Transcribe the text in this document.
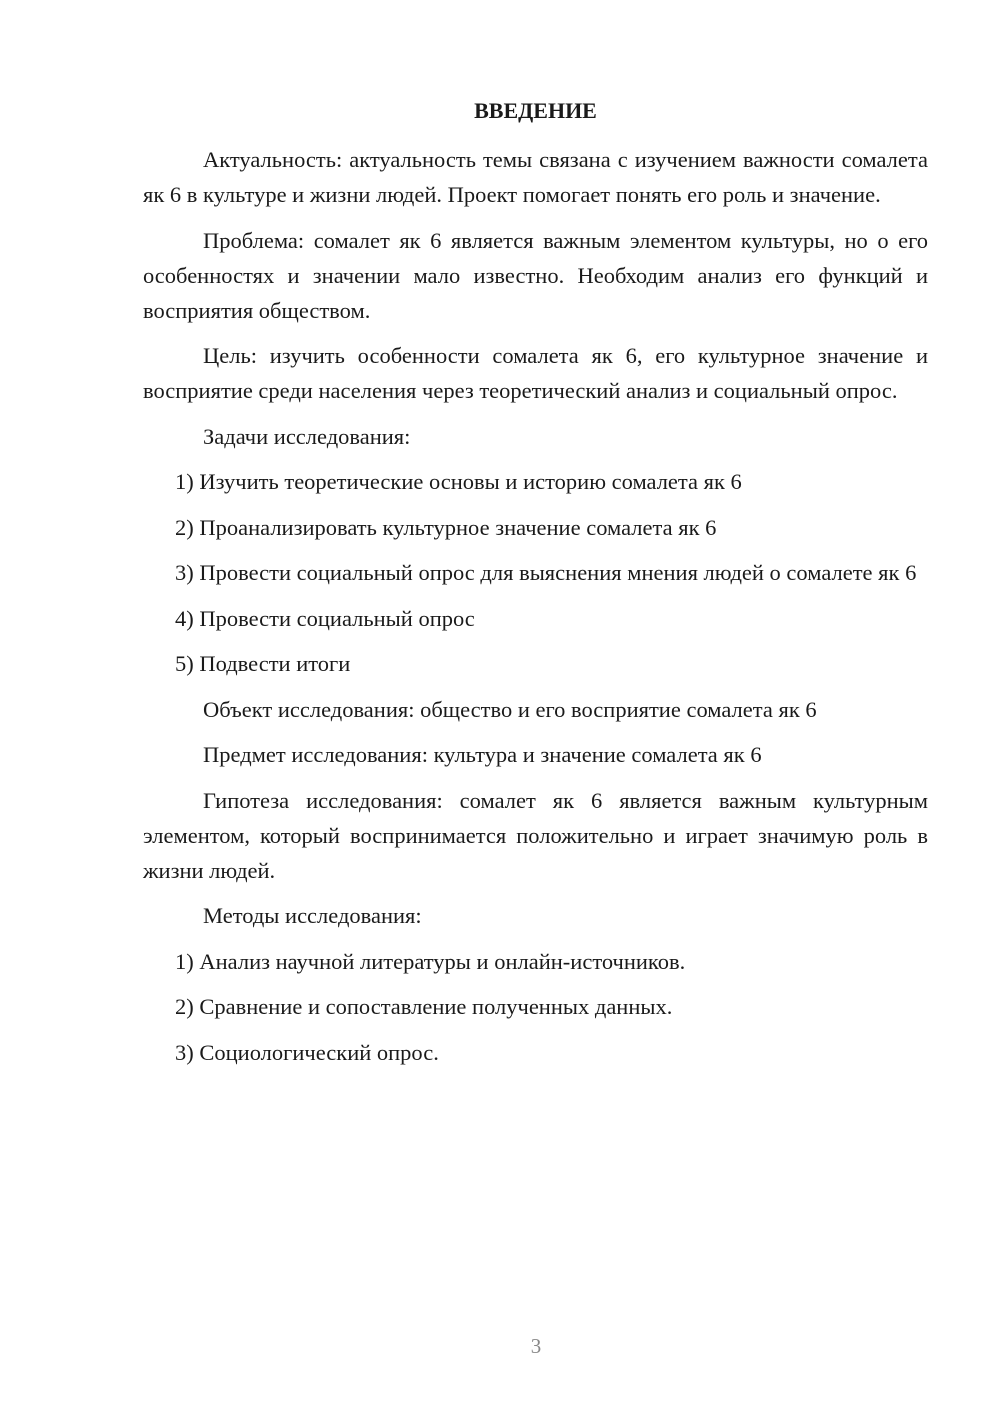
ВВЕДЕНИЕ

Актуальность: актуальность темы связана с изучением важности сомалета як 6 в культуре и жизни людей. Проект помогает понять его роль и значение.

Проблема: сомалет як 6 является важным элементом культуры, но о его особенностях и значении мало известно. Необходим анализ его функций и восприятия обществом.

Цель: изучить особенности сомалета як 6, его культурное значение и восприятие среди населения через теоретический анализ и социальный опрос.

Задачи исследования:

1) Изучить теоретические основы и историю сомалета як 6

2) Проанализировать культурное значение сомалета як 6

3) Провести социальный опрос для выяснения мнения людей о сомалете як 6

4) Провести социальный опрос

5) Подвести итоги

Объект исследования: общество и его восприятие сомалета як 6

Предмет исследования: культура и значение сомалета як 6

Гипотеза исследования: сомалет як 6 является важным культурным элементом, который воспринимается положительно и играет значимую роль в жизни людей.

Методы исследования:

1) Анализ научной литературы и онлайн-источников.

2) Сравнение и сопоставление полученных данных.

3) Социологический опрос.

3
